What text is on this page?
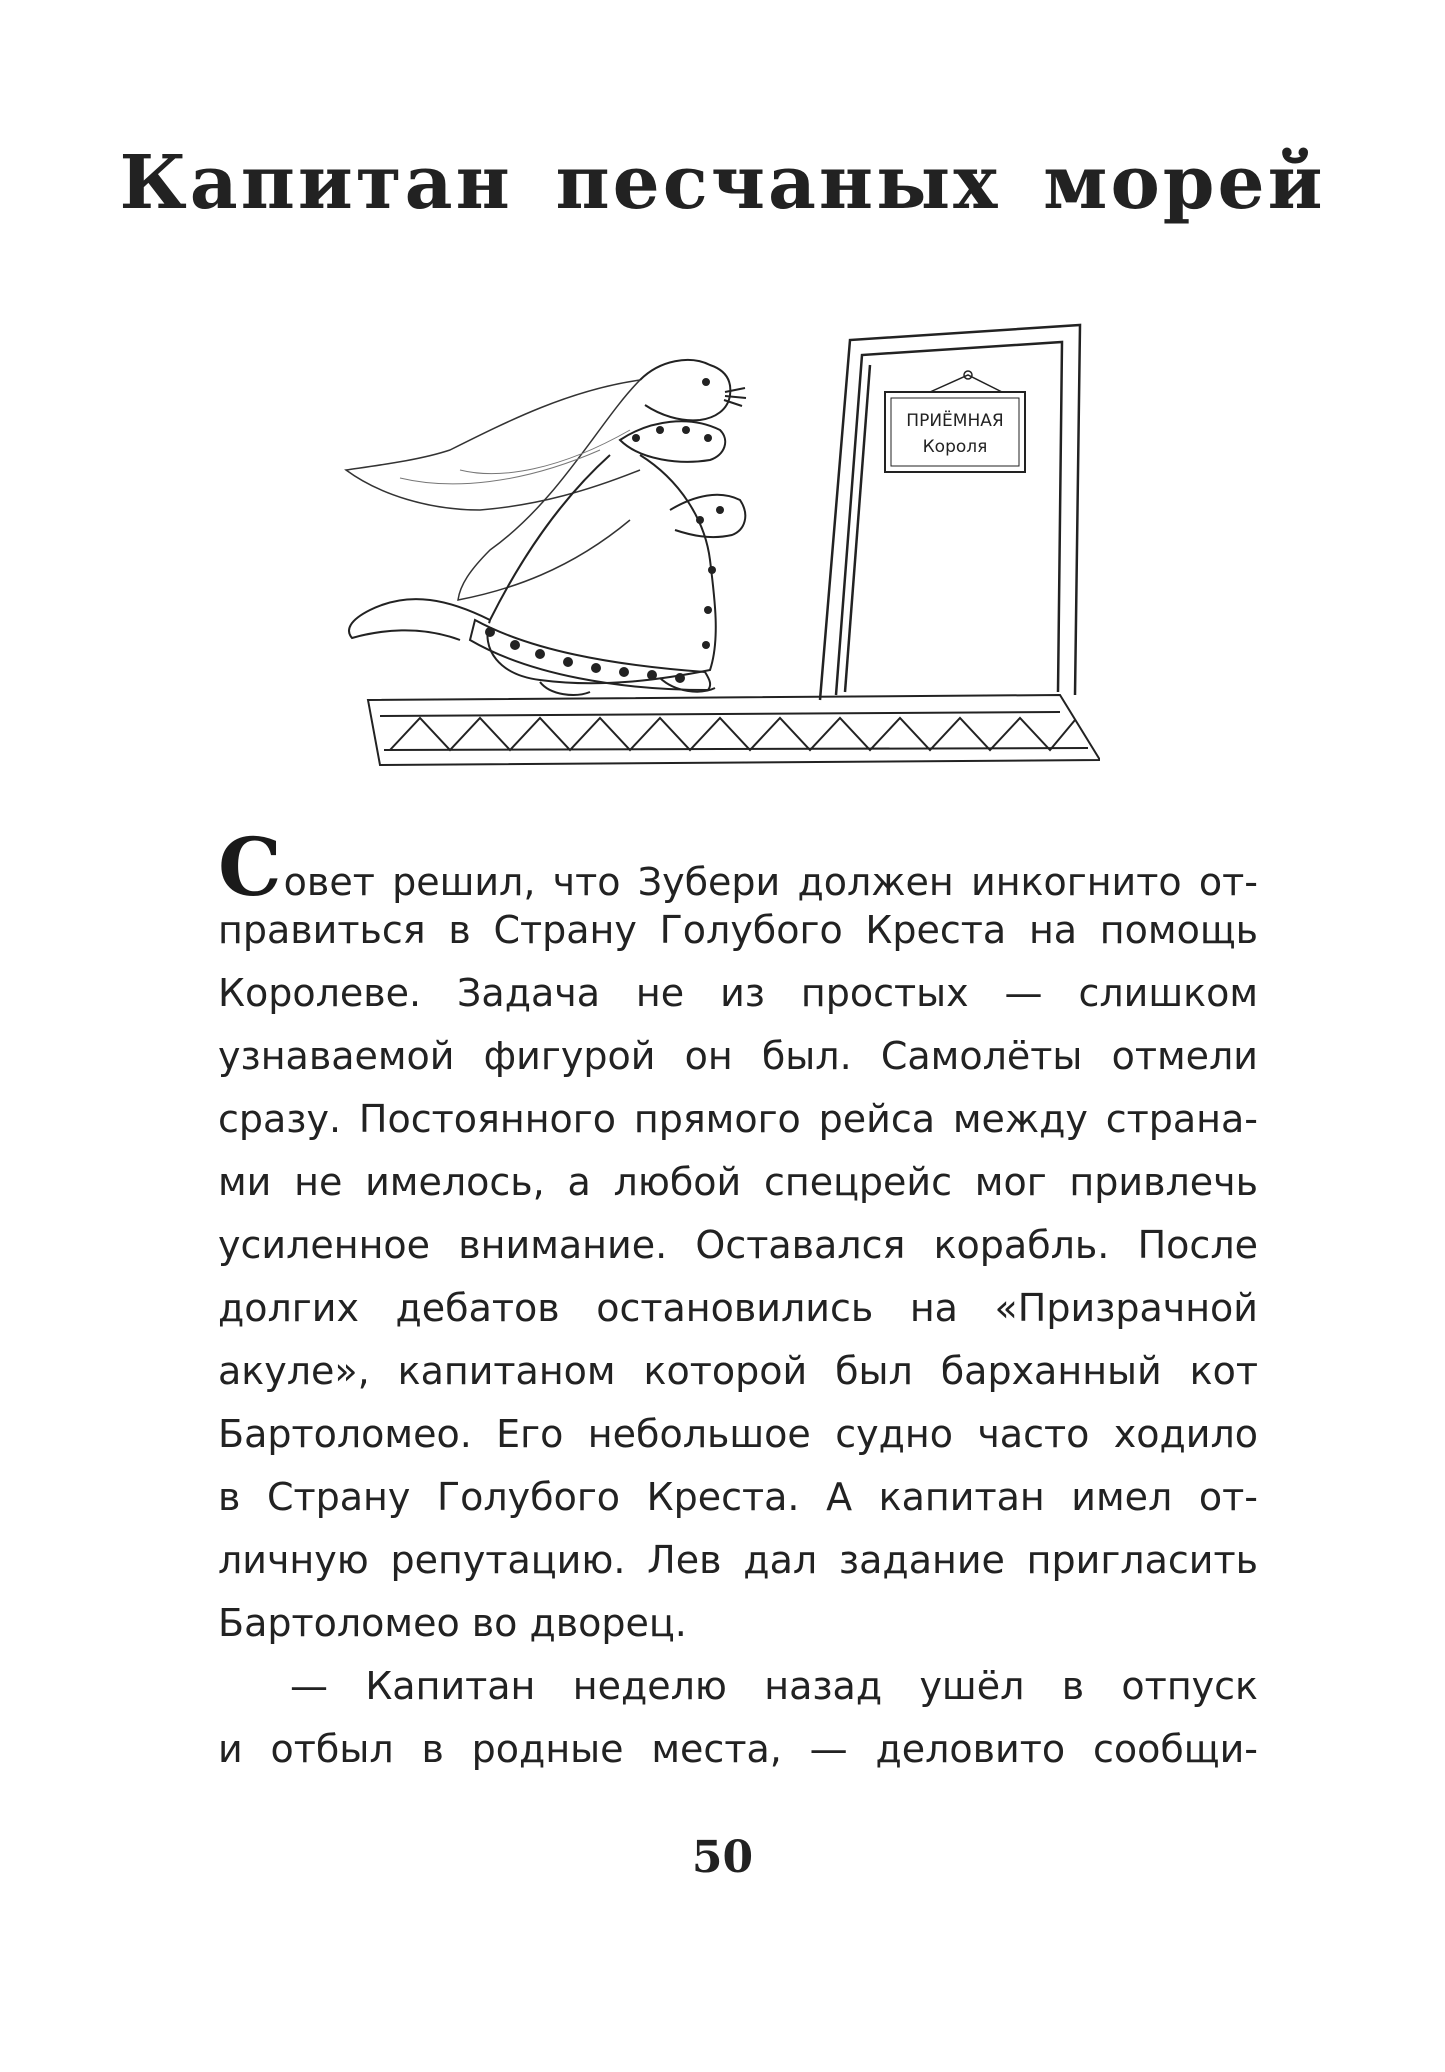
Капитан песчаных морей
ПРИЁМНАЯ
Короля
С овет решил, что Зубери должен инкогнито от-
правиться в Страну Голубого Креста на помощь
Королеве. Задача не из простых — слишком
узнаваемой фигурой он был. Самолёты отмели
сразу. Постоянного прямого рейса между страна-
ми не имелось, а любой спецрейс мог привлечь
усиленное внимание. Оставался корабль. После
долгих дебатов остановились на «Призрачной
акуле», капитаном которой был барханный кот
Бартоломео. Его небольшое судно часто ходило
в Страну Голубого Креста. А капитан имел от-
личную репутацию. Лев дал задание пригласить
Бартоломео во дворец.
— Капитан неделю назад ушёл в отпуск
и отбыл в родные места, — деловито сообщи-
50
